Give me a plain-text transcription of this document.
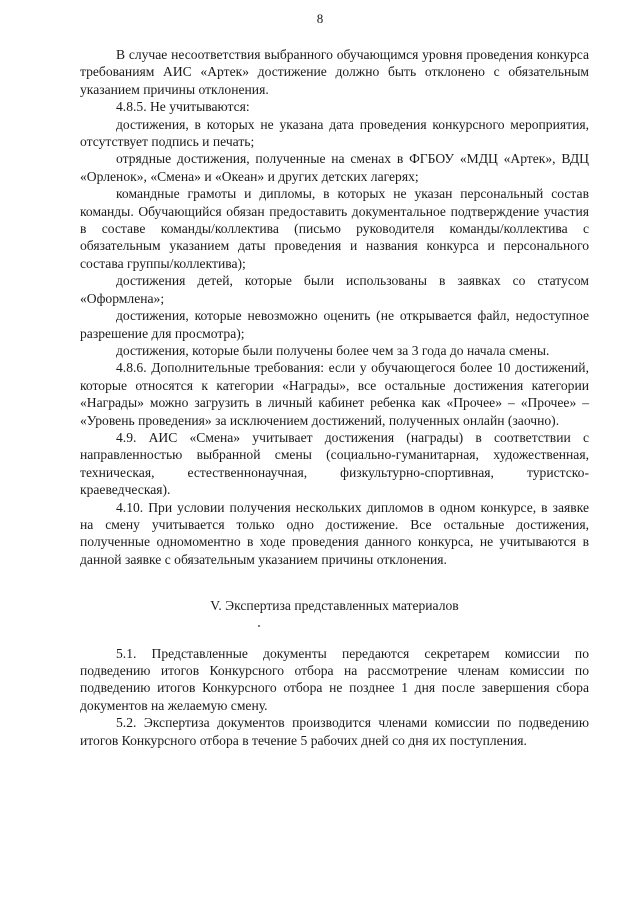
8

В случае несоответствия выбранного обучающимся уровня проведения конкурса требованиям АИС «Артек» достижение должно быть отклонено с обязательным указанием причины отклонения.

4.8.5. Не учитываются:

достижения, в которых не указана дата проведения конкурсного мероприятия, отсутствует подпись и печать;

отрядные достижения, полученные на сменах в ФГБОУ «МДЦ «Артек», ВДЦ «Орленок», «Смена» и «Океан» и других детских лагерях;

командные грамоты и дипломы, в которых не указан персональный состав команды. Обучающийся обязан предоставить документальное подтверждение участия в составе команды/коллектива (письмо руководителя команды/коллектива с обязательным указанием даты проведения и названия конкурса и персонального состава группы/коллектива);

достижения детей, которые были использованы в заявках со статусом «Оформлена»;

достижения, которые невозможно оценить (не открывается файл, недоступное разрешение для просмотра);

достижения, которые были получены более чем за 3 года до начала смены.

4.8.6. Дополнительные требования: если у обучающегося более 10 достижений, которые относятся к категории «Награды», все остальные достижения категории «Награды» можно загрузить в личный кабинет ребенка как «Прочее» – «Прочее» – «Уровень проведения» за исключением достижений, полученных онлайн (заочно).

4.9. АИС «Смена» учитывает достижения (награды) в соответствии с направленностью выбранной смены (социально-гуманитарная, художественная, техническая, естественнонаучная, физкультурно-спортивная, туристско-краеведческая).

4.10. При условии получения нескольких дипломов в одном конкурсе, в заявке на смену учитывается только одно достижение. Все остальные достижения, полученные одномоментно в ходе проведения данного конкурса, не учитываются в данной заявке с обязательным указанием причины отклонения.

V. Экспертиза представленных материалов

5.1. Представленные документы передаются секретарем комиссии по подведению итогов Конкурсного отбора на рассмотрение членам комиссии по подведению итогов Конкурсного отбора не позднее 1 дня после завершения сбора документов на желаемую смену.

5.2. Экспертиза документов производится членами комиссии по подведению итогов Конкурсного отбора в течение 5 рабочих дней со дня их поступления.
